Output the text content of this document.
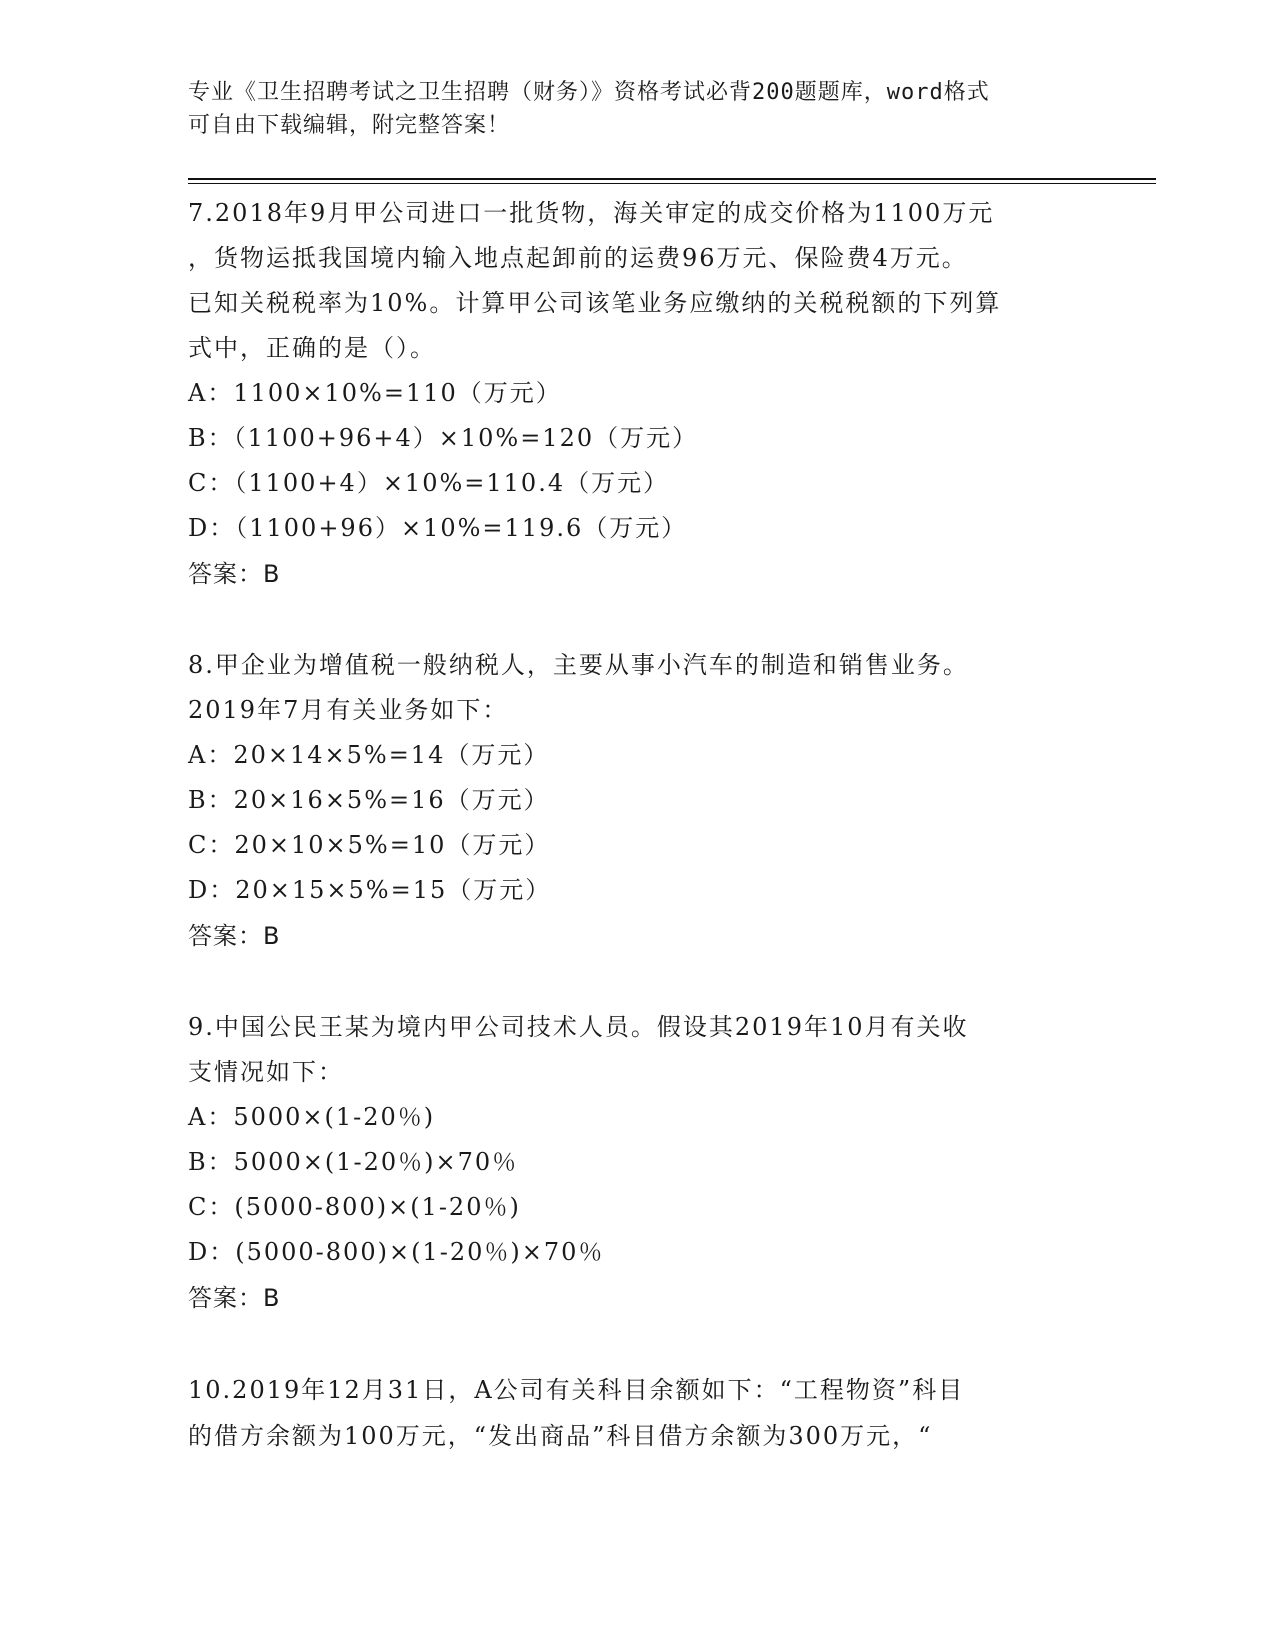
专业《卫生招聘考试之卫生招聘（财务）》资格考试必背200题题库，word格式
可自由下载编辑，附完整答案！
7.2018年9月甲公司进口一批货物，海关审定的成交价格为1100万元
，货物运抵我国境内输入地点起卸前的运费96万元、保险费4万元。
已知关税税率为10%。计算甲公司该笔业务应缴纳的关税税额的下列算
式中，正确的是（）。
A：1100×10%=110（万元）
B：（1100+96+4）×10%=120（万元）
C：（1100+4）×10%=110.4（万元）
D：（1100+96）×10%=119.6（万元）
答案：B
8.甲企业为增值税一般纳税人，主要从事小汽车的制造和销售业务。
2019年7月有关业务如下：
A：20×14×5%=14（万元）
B：20×16×5%=16（万元）
C：20×10×5%=10（万元）
D：20×15×5%=15（万元）
答案：B
9.中国公民王某为境内甲公司技术人员。假设其2019年10月有关收
支情况如下：
A：5000×(1-20％)
B：5000×(1-20％)×70％
C：(5000-800)×(1-20％)
D：(5000-800)×(1-20％)×70％
答案：B
10.2019年12月31日，A公司有关科目余额如下：“工程物资”科目
的借方余额为100万元，“发出商品”科目借方余额为300万元，“
